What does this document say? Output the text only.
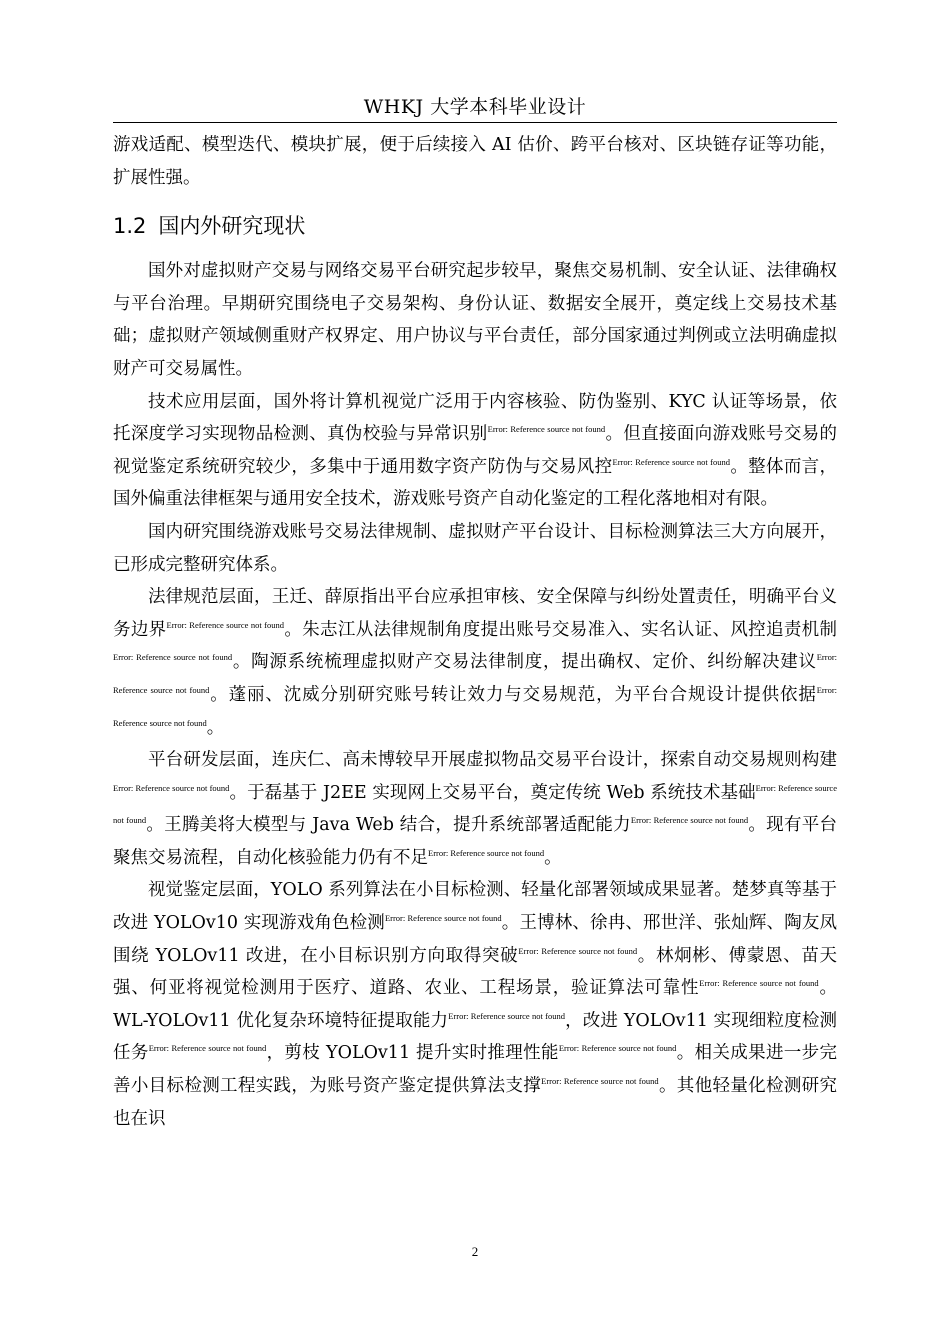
WHKJ 大学本科毕业设计

游戏适配、模型迭代、模块扩展，便于后续接入 AI 估价、跨平台核对、区块链存证等功能，扩展性强。

1.2 国内外研究现状

国外对虚拟财产交易与网络交易平台研究起步较早，聚焦交易机制、安全认证、法律确权与平台治理。早期研究围绕电子交易架构、身份认证、数据安全展开，奠定线上交易技术基础；虚拟财产领域侧重财产权界定、用户协议与平台责任，部分国家通过判例或立法明确虚拟财产可交易属性。

技术应用层面，国外将计算机视觉广泛用于内容核验、防伪鉴别、KYC 认证等场景，依托深度学习实现物品检测、真伪校验与异常识别$^{Error: Reference source not found}$。但直接面向游戏账号交易的视觉鉴定系统研究较少，多集中于通用数字资产防伪与交易风控$^{Error: Reference source not found}$。整体而言，国外偏重法律框架与通用安全技术，游戏账号资产自动化鉴定的工程化落地相对有限。

国内研究围绕游戏账号交易法律规制、虚拟财产平台设计、目标检测算法三大方向展开，已形成完整研究体系。

法律规范层面，王迁、薛原指出平台应承担审核、安全保障与纠纷处置责任，明确平台义务边界$^{Error: Reference source not found}$。朱志江从法律规制角度提出账号交易准入、实名认证、风控追责机制$^{Error: Reference source not found}$。陶源系统梳理虚拟财产交易法律制度，提出确权、定价、纠纷解决建议$^{Error: Reference source not found}$。蓬丽、沈威分别研究账号转让效力与交易规范，为平台合规设计提供依据$^{Error: Reference source not found}$。

平台研发层面，连庆仁、高未博较早开展虚拟物品交易平台设计，探索自动交易规则构建$^{Error: Reference source not found}$。于磊基于 J2EE 实现网上交易平台，奠定传统 Web 系统技术基础$^{Error: Reference source not found}$。王腾美将大模型与 Java Web 结合，提升系统部署适配能力$^{Error: Reference source not found}$。现有平台聚焦交易流程，自动化核验能力仍有不足$^{Error: Reference source not found}$。

视觉鉴定层面，YOLO 系列算法在小目标检测、轻量化部署领域成果显著。楚梦真等基于改进 YOLOv10 实现游戏角色检测$^{Error: Reference source not found}$。王博林、徐冉、邢世洋、张灿辉、陶友凤围绕 YOLOv11 改进，在小目标识别方向取得突破$^{Error: Reference source not found}$。林炯彬、傅蒙恩、苗天强、何亚将视觉检测用于医疗、道路、农业、工程场景，验证算法可靠性$^{Error: Reference source not found}$。WL-YOLOv11 优化复杂环境特征提取能力$^{Error: Reference source not found}$，改进 YOLOv11 实现细粒度检测任务$^{Error: Reference source not found}$，剪枝 YOLOv11 提升实时推理性能$^{Error: Reference source not found}$。相关成果进一步完善小目标检测工程实践，为账号资产鉴定提供算法支撑$^{Error: Reference source not found}$。其他轻量化检测研究也在识

2
